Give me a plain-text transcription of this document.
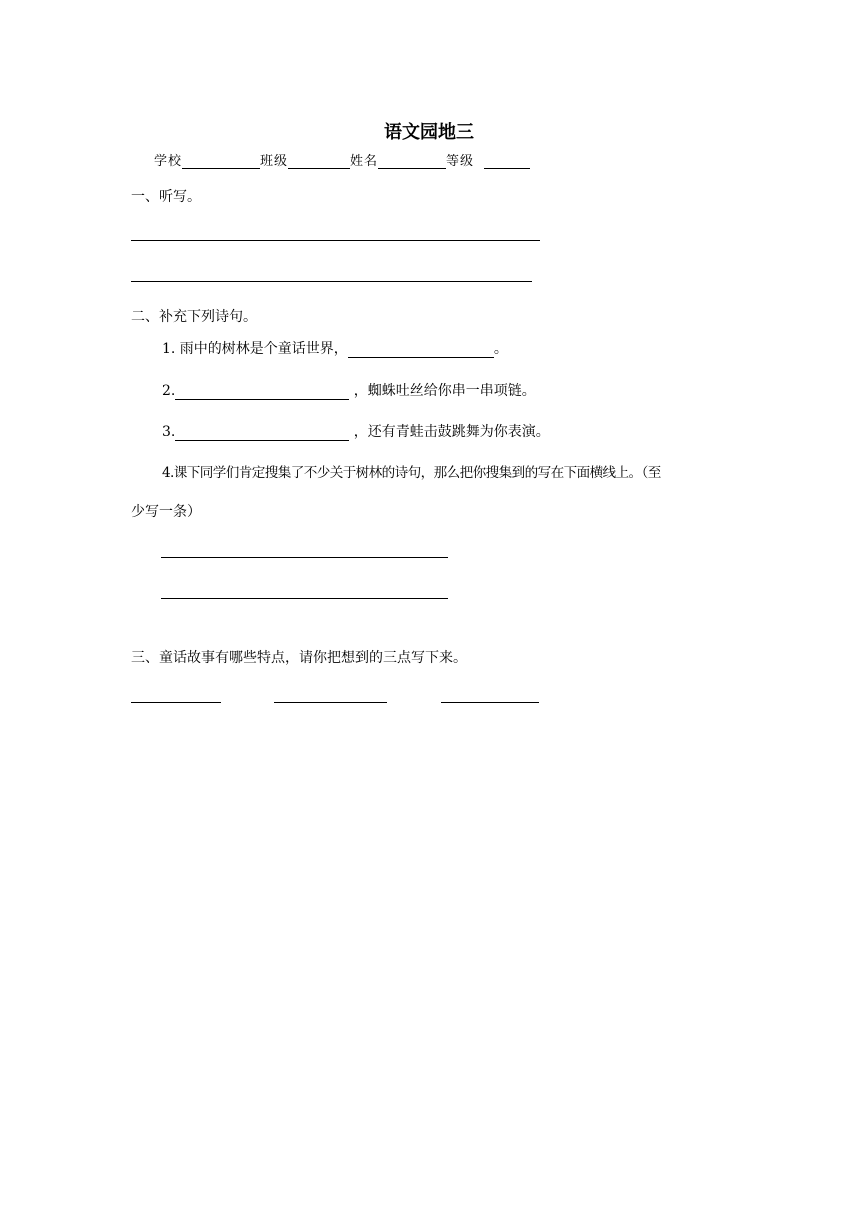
语文园地三
学校	班级	姓名	等级
一、听写。
二、补充下列诗句。
1. 雨中的树林是个童话世界，	。
2.	，蜘蛛吐丝给你串一串项链。
3.	，还有青蛙击鼓跳舞为你表演。
4.课下同学们肯定搜集了不少关于树林的诗句，那么把你搜集到的写在下面横线上。（至
少写一条）
三、童话故事有哪些特点，请你把想到的三点写下来。
